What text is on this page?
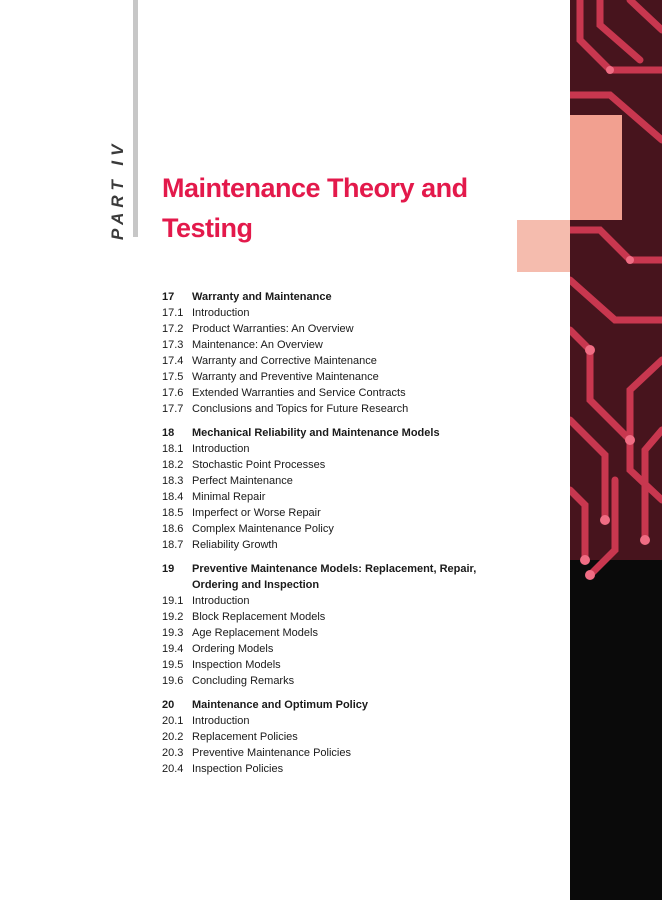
PART IV Maintenance Theory and
Testing
17	Warranty and Maintenance
17.1 Introduction
17.2 Product Warranties: An Overview
17.3 Maintenance: An Overview
17.4 Warranty and Corrective Maintenance
17.5 Warranty and Preventive Maintenance
17.6 Extended Warranties and Service Contracts
17.7 Conclusions and Topics for Future Research
18	Mechanical Reliability and Maintenance Models
18.1 Introduction
18.2 Stochastic Point Processes
18.3 Perfect Maintenance
18.4 Minimal Repair
18.5 Imperfect or Worse Repair
18.6 Complex Maintenance Policy
18.7 Reliability Growth
19	Preventive Maintenance Models: Replacement, Repair, Ordering and Inspection
19.1 Introduction
19.2 Block Replacement Models
19.3 Age Replacement Models
19.4 Ordering Models
19.5 Inspection Models
19.6 Concluding Remarks
20	Maintenance and Optimum Policy
20.1 Introduction
20.2 Replacement Policies
20.3 Preventive Maintenance Policies
20.4 Inspection Policies
